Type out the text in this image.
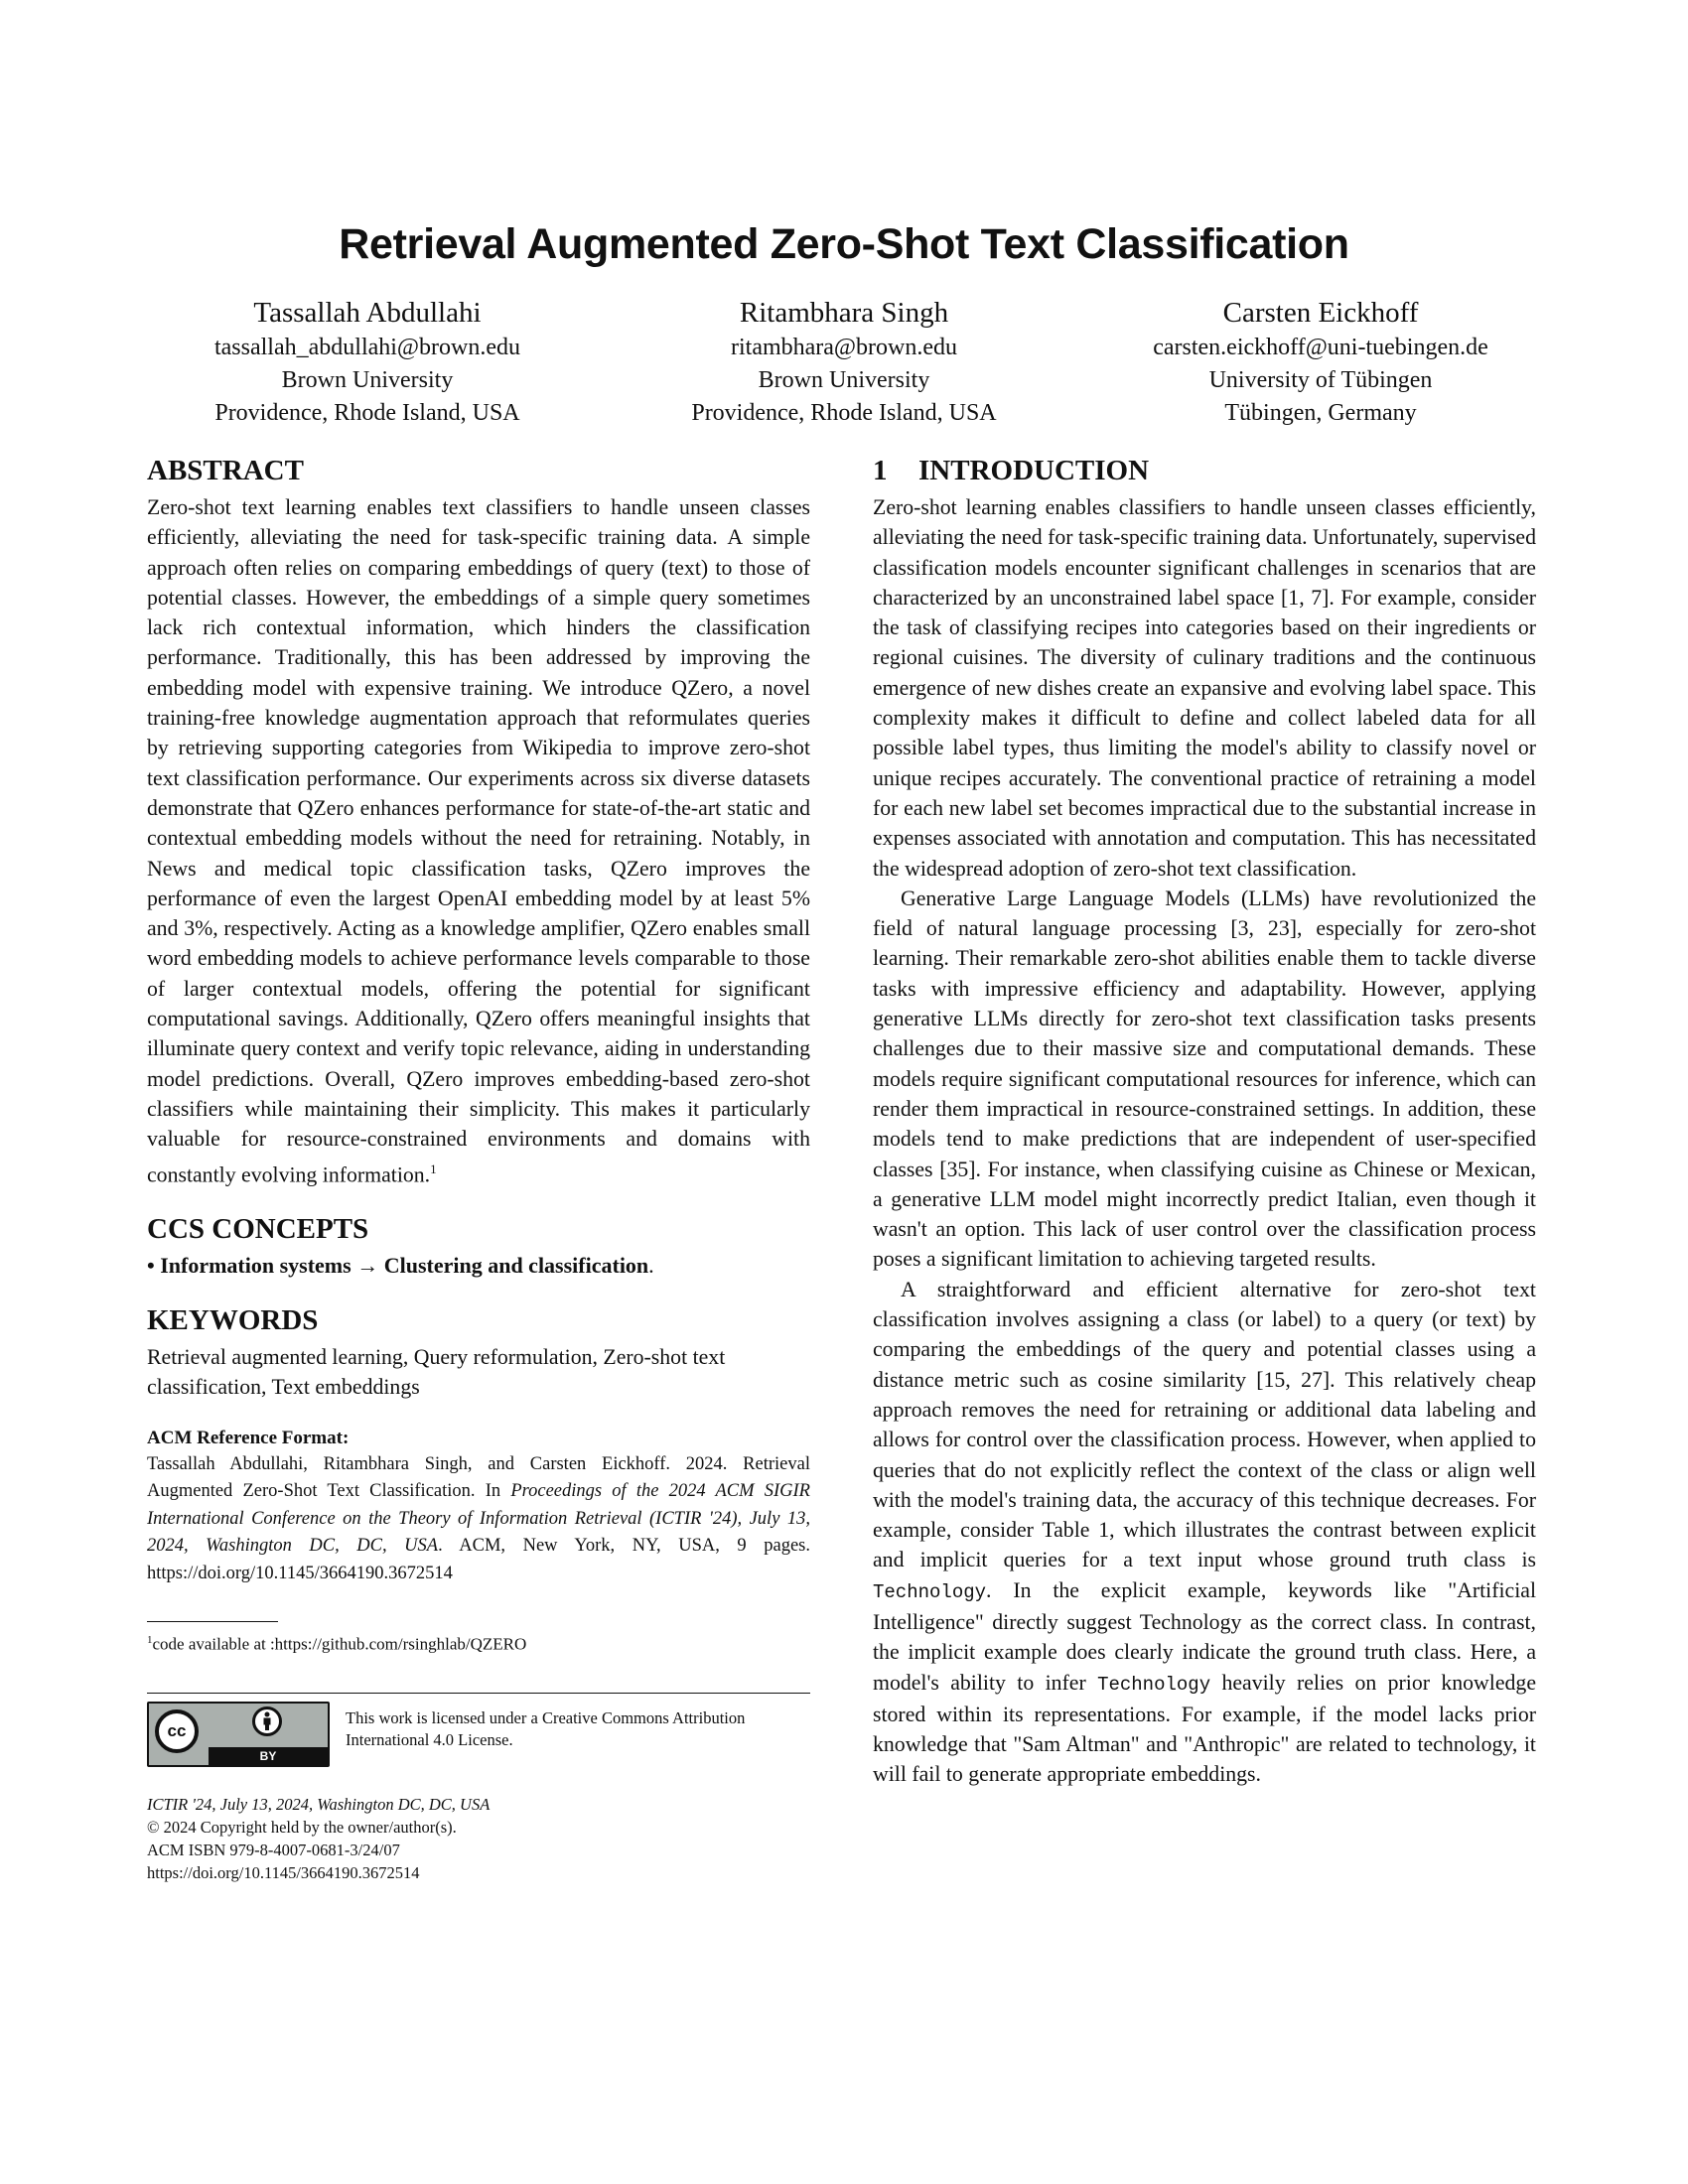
Retrieval Augmented Zero-Shot Text Classification
Tassallah Abdullahi
tassallah_abdullahi@brown.edu
Brown University
Providence, Rhode Island, USA
Ritambhara Singh
ritambhara@brown.edu
Brown University
Providence, Rhode Island, USA
Carsten Eickhoff
carsten.eickhoff@uni-tuebingen.de
University of Tübingen
Tübingen, Germany
ABSTRACT

Zero-shot text learning enables text classifiers to handle unseen classes efficiently, alleviating the need for task-specific training data. A simple approach often relies on comparing embeddings of query (text) to those of potential classes. However, the embeddings of a simple query sometimes lack rich contextual information, which hinders the classification performance. Traditionally, this has been addressed by improving the embedding model with expensive training. We introduce QZero, a novel training-free knowledge augmentation approach that reformulates queries by retrieving supporting categories from Wikipedia to improve zero-shot text classification performance. Our experiments across six diverse datasets demonstrate that QZero enhances performance for state-of-the-art static and contextual embedding models without the need for retraining. Notably, in News and medical topic classification tasks, QZero improves the performance of even the largest OpenAI embedding model by at least 5% and 3%, respectively. Acting as a knowledge amplifier, QZero enables small word embedding models to achieve performance levels comparable to those of larger contextual models, offering the potential for significant computational savings. Additionally, QZero offers meaningful insights that illuminate query context and verify topic relevance, aiding in understanding model predictions. Overall, QZero improves embedding-based zero-shot classifiers while maintaining their simplicity. This makes it particularly valuable for resource-constrained environments and domains with constantly evolving information.$^1$

CCS CONCEPTS
• Information systems → Clustering and classification.
KEYWORDS

Retrieval augmented learning, Query reformulation, Zero-shot text classification, Text embeddings

ACM Reference Format:
Tassallah Abdullahi, Ritambhara Singh, and Carsten Eickhoff. 2024. Retrieval Augmented Zero-Shot Text Classification. In Proceedings of the 2024 ACM SIGIR International Conference on the Theory of Information Retrieval (ICTIR '24), July 13, 2024, Washington DC, DC, USA. ACM, New York, NY, USA, 9 pages. https://doi.org/10.1145/3664190.3672514
$^1$code available at :https://github.com/rsinghlab/QZERO
cc
BY
This work is licensed under a Creative Commons Attribution International 4.0 License.
ICTIR '24, July 13, 2024, Washington DC, DC, USA
© 2024 Copyright held by the owner/author(s).
ACM ISBN 979-8-4007-0681-3/24/07
https://doi.org/10.1145/3664190.3672514
1 INTRODUCTION

Zero-shot learning enables classifiers to handle unseen classes efficiently, alleviating the need for task-specific training data. Unfortunately, supervised classification models encounter significant challenges in scenarios that are characterized by an unconstrained label space [1, 7]. For example, consider the task of classifying recipes into categories based on their ingredients or regional cuisines. The diversity of culinary traditions and the continuous emergence of new dishes create an expansive and evolving label space. This complexity makes it difficult to define and collect labeled data for all possible label types, thus limiting the model's ability to classify novel or unique recipes accurately. The conventional practice of retraining a model for each new label set becomes impractical due to the substantial increase in expenses associated with annotation and computation. This has necessitated the widespread adoption of zero-shot text classification.

Generative Large Language Models (LLMs) have revolutionized the field of natural language processing [3, 23], especially for zero-shot learning. Their remarkable zero-shot abilities enable them to tackle diverse tasks with impressive efficiency and adaptability. However, applying generative LLMs directly for zero-shot text classification tasks presents challenges due to their massive size and computational demands. These models require significant computational resources for inference, which can render them impractical in resource-constrained settings. In addition, these models tend to make predictions that are independent of user-specified classes [35]. For instance, when classifying cuisine as Chinese or Mexican, a generative LLM model might incorrectly predict Italian, even though it wasn't an option. This lack of user control over the classification process poses a significant limitation to achieving targeted results.

A straightforward and efficient alternative for zero-shot text classification involves assigning a class (or label) to a query (or text) by comparing the embeddings of the query and potential classes using a distance metric such as cosine similarity [15, 27]. This relatively cheap approach removes the need for retraining or additional data labeling and allows for control over the classification process. However, when applied to queries that do not explicitly reflect the context of the class or align well with the model's training data, the accuracy of this technique decreases. For example, consider Table 1, which illustrates the contrast between explicit and implicit queries for a text input whose ground truth class is Technology. In the explicit example, keywords like "Artificial Intelligence" directly suggest Technology as the correct class. In contrast, the implicit example does clearly indicate the ground truth class. Here, a model's ability to infer Technology heavily relies on prior knowledge stored within its representations. For example, if the model lacks prior knowledge that "Sam Altman" and "Anthropic" are related to technology, it will fail to generate appropriate embeddings.
